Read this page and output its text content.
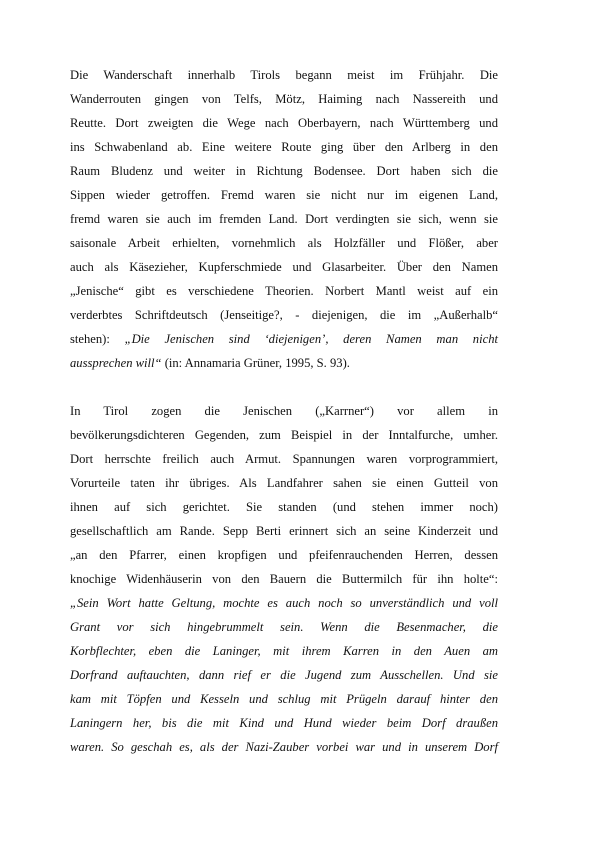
Die Wanderschaft innerhalb Tirols begann meist im Frühjahr. Die
Wanderrouten gingen von Telfs, Mötz, Haiming nach Nassereith und
Reutte. Dort zweigten die Wege nach Oberbayern, nach Württemberg und
ins Schwabenland ab. Eine weitere Route ging über den Arlberg in den
Raum Bludenz und weiter in Richtung Bodensee. Dort haben sich die
Sippen wieder getroffen. Fremd waren sie nicht nur im eigenen Land,
fremd waren sie auch im fremden Land. Dort verdingten sie sich, wenn sie
saisonale Arbeit erhielten, vornehmlich als Holzfäller und Flößer, aber
auch als Käsezieher, Kupferschmiede und Glasarbeiter. Über den Namen
„Jenische“ gibt es verschiedene Theorien. Norbert Mantl weist auf ein
verderbtes Schriftdeutsch (Jenseitige?, - diejenigen, die im „Außerhalb“
stehen): „Die Jenischen sind ‘diejenigen’, deren Namen man nicht
aussprechen will“ (in: Annamaria Grüner, 1995, S. 93).
In Tirol zogen die Jenischen („Karrner“) vor allem in
bevölkerungsdichteren Gegenden, zum Beispiel in der Inntalfurche, umher.
Dort herrschte freilich auch Armut. Spannungen waren vorprogrammiert,
Vorurteile taten ihr übriges. Als Landfahrer sahen sie einen Gutteil von
ihnen auf sich gerichtet. Sie standen (und stehen immer noch)
gesellschaftlich am Rande. Sepp Berti erinnert sich an seine Kinderzeit und
„an den Pfarrer, einen kropfigen und pfeifenrauchenden Herren, dessen
knochige Widenhäuserin von den Bauern die Buttermilch für ihn holte“:
„Sein Wort hatte Geltung, mochte es auch noch so unverständlich und voll
Grant vor sich hingebrummelt sein. Wenn die Besenmacher, die
Korbflechter, eben die Laninger, mit ihrem Karren in den Auen am
Dorfrand auftauchten, dann rief er die Jugend zum Ausschellen. Und sie
kam mit Töpfen und Kesseln und schlug mit Prügeln darauf hinter den
Laningern her, bis die mit Kind und Hund wieder beim Dorf draußen
waren. So geschah es, als der Nazi-Zauber vorbei war und in unserem Dorf
